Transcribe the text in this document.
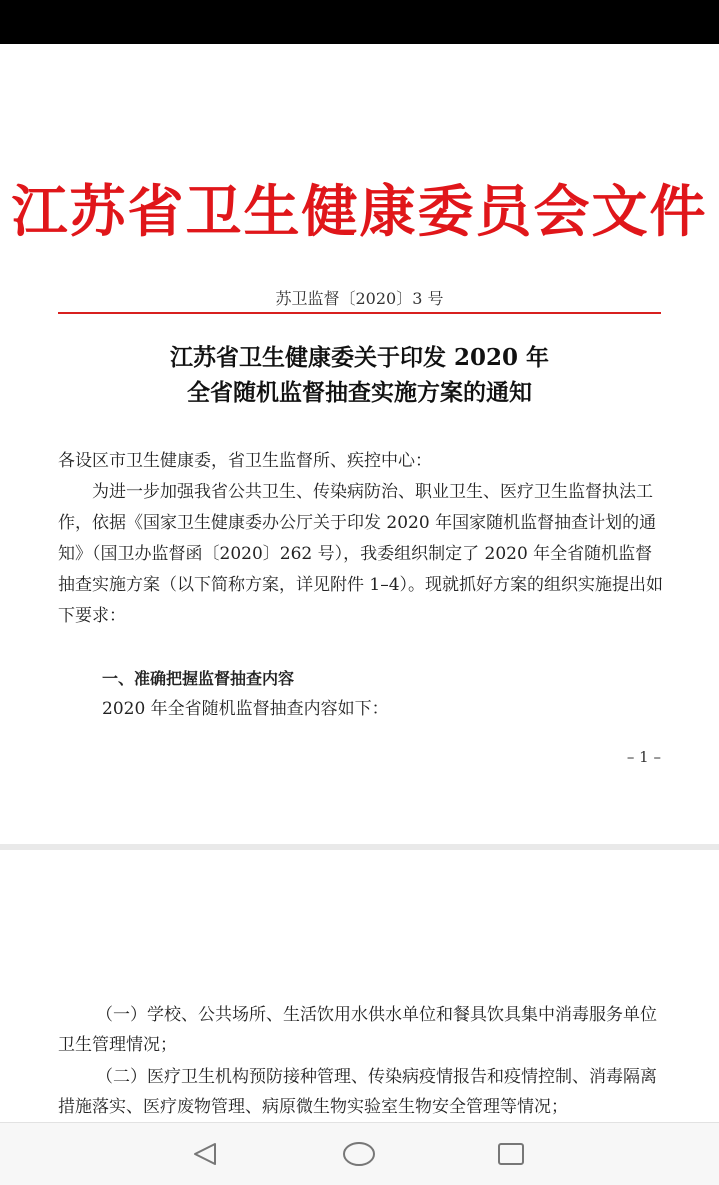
江苏省卫生健康委员会文件
苏卫监督〔2020〕3 号
江苏省卫生健康委关于印发 2020 年
全省随机监督抽查实施方案的通知
各设区市卫生健康委，省卫生监督所、疾控中心：
为进一步加强我省公共卫生、传染病防治、职业卫生、医疗卫生监督执法工作，依据《国家卫生健康委办公厅关于印发 2020 年国家随机监督抽查计划的通知》（国卫办监督函〔2020〕262 号），我委组织制定了 2020 年全省随机监督抽查实施方案（以下简称方案，详见附件 1–4）。现就抓好方案的组织实施提出如下要求：
一、准确把握监督抽查内容
2020 年全省随机监督抽查内容如下：
– 1 –
（一）学校、公共场所、生活饮用水供水单位和餐具饮具集中消毒服务单位卫生管理情况；
（二）医疗卫生机构预防接种管理、传染病疫情报告和疫情控制、消毒隔离措施落实、医疗废物管理、病原微生物实验室生物安全管理等情况；
